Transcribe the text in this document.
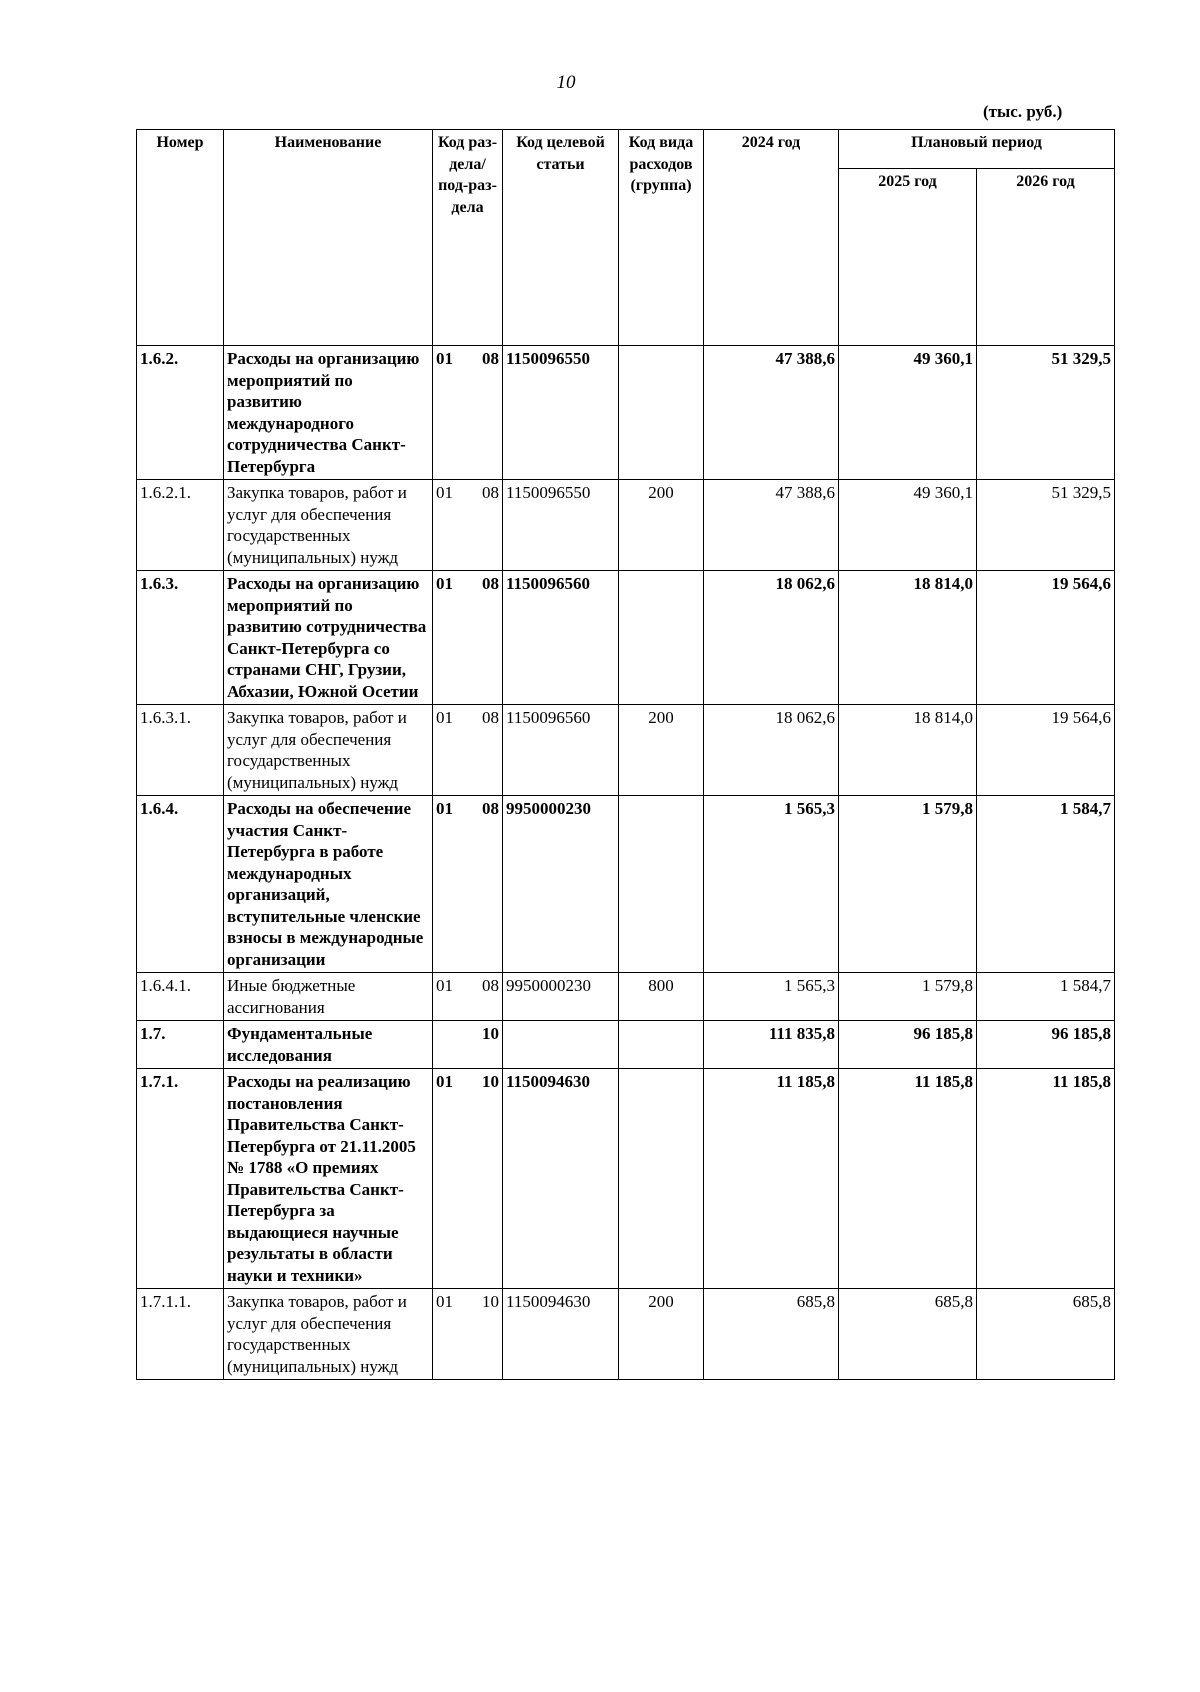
10
(тыс. руб.)
Номер	Наименование	Код раз-дела/ под-раз-дела	Код целевой статьи	Код вида расходов (группа)	2024 год	Плановый период	
						2025 год	2026 год
1.6.2.	Расходы на организацию мероприятий по развитию международного сотрудничества Санкт-Петербурга	01 08	1150096550		47 388,6	49 360,1	51 329,5
1.6.2.1.	Закупка товаров, работ и услуг для обеспечения государственных (муниципальных) нужд	01 08	1150096550	200	47 388,6	49 360,1	51 329,5
1.6.3.	Расходы на организацию мероприятий по развитию сотрудничества Санкт-Петербурга со странами СНГ, Грузии, Абхазии, Южной Осетии	01 08	1150096560		18 062,6	18 814,0	19 564,6
1.6.3.1.	Закупка товаров, работ и услуг для обеспечения государственных (муниципальных) нужд	01 08	1150096560	200	18 062,6	18 814,0	19 564,6
1.6.4.	Расходы на обеспечение участия Санкт-Петербурга в работе международных организаций, вступительные членские взносы в международные организации	01 08	9950000230		1 565,3	1 579,8	1 584,7
1.6.4.1.	Иные бюджетные ассигнования	01 08	9950000230	800	1 565,3	1 579,8	1 584,7
1.7.	Фундаментальные исследования	10			111 835,8	96 185,8	96 185,8
1.7.1.	Расходы на реализацию постановления Правительства Санкт-Петербурга от 21.11.2005 № 1788 «О премиях Правительства Санкт-Петербурга за выдающиеся научные результаты в области науки и техники»	01 10	1150094630		11 185,8	11 185,8	11 185,8
1.7.1.1.	Закупка товаров, работ и услуг для обеспечения государственных (муниципальных) нужд	01 10	1150094630	200	685,8	685,8	685,8
